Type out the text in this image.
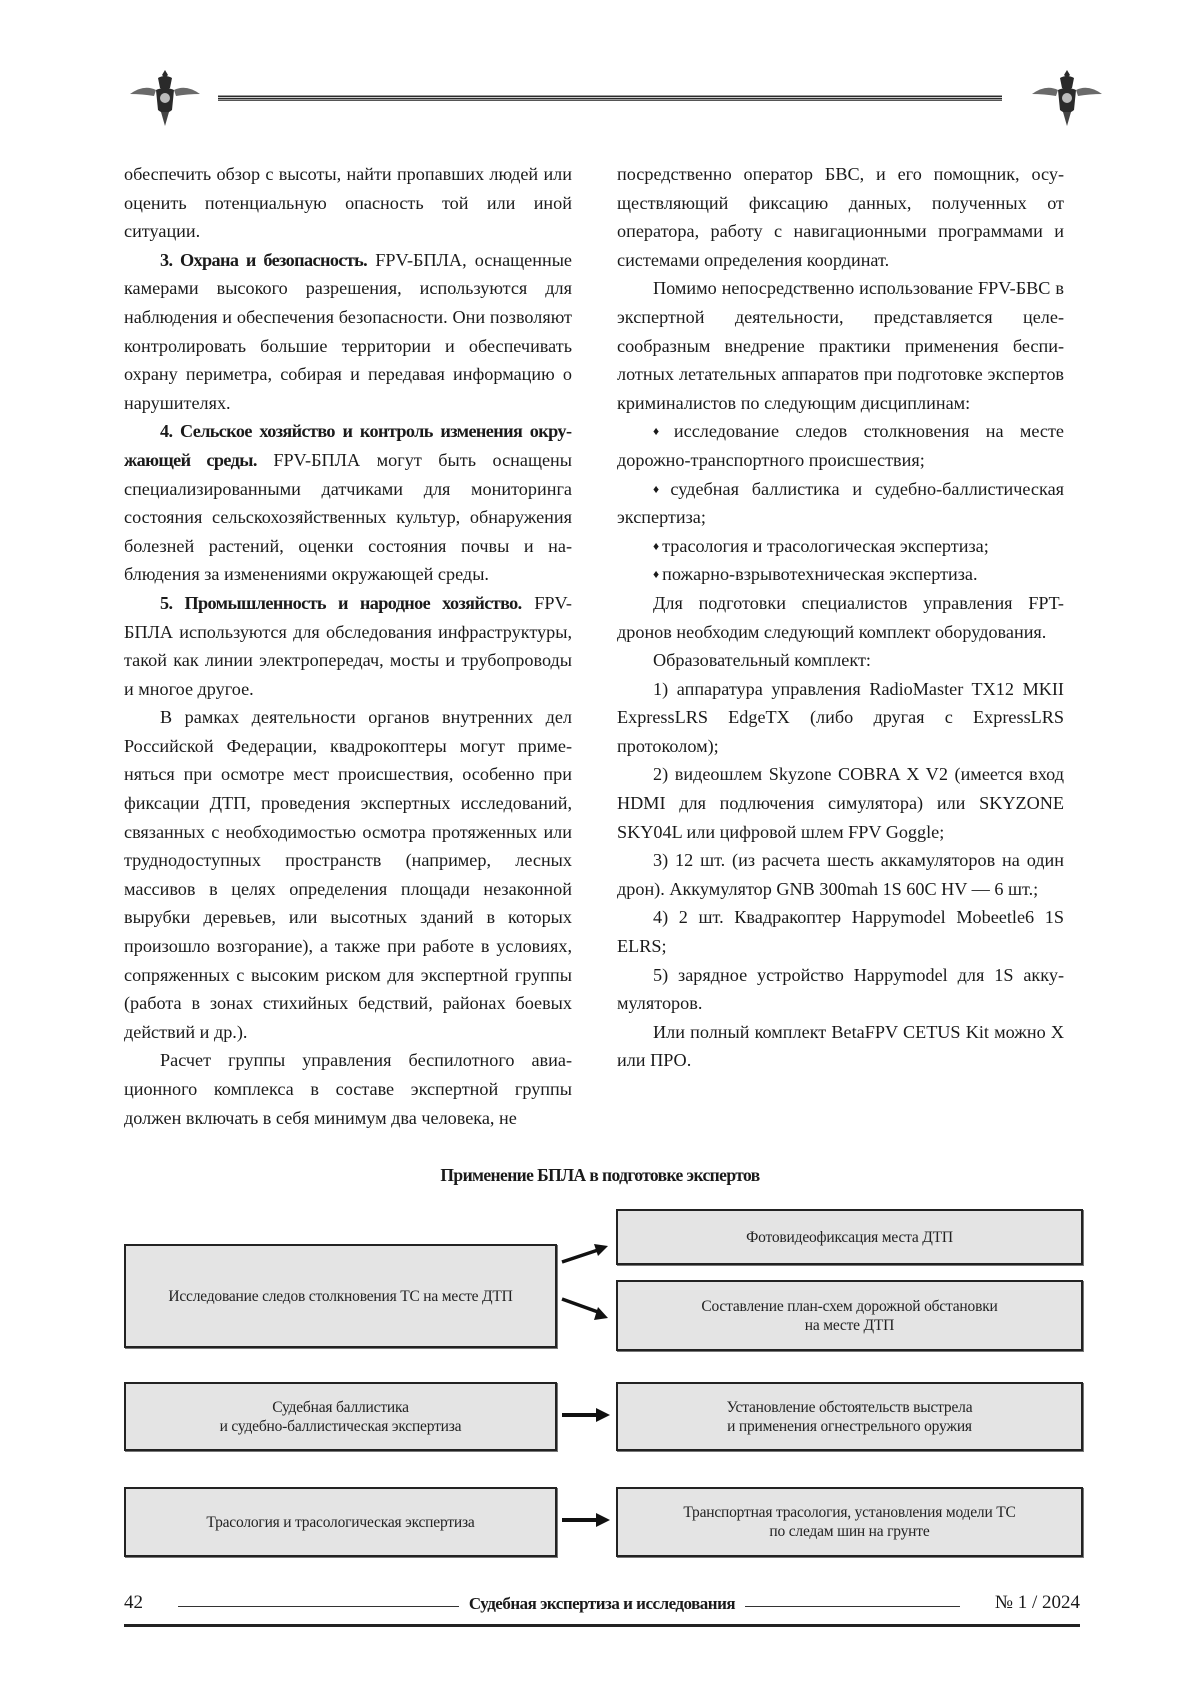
обеспечить обзор с высоты, найти пропавших людей или оценить потенциальную опасность той или иной ситуации.

3. Охрана и безопасность. FPV-БПЛА, оснащенные камерами высокого разрешения, используются для наблюдения и обеспечения безопасности. Они позволяют контролировать большие территории и обеспечивать охрану периметра, собирая и передавая информацию о нарушителях.

4. Сельское хозяйство и контроль изменения окружающей среды. FPV-БПЛА могут быть оснащены специализированными датчиками для мониторинга состояния сельскохозяйственных культур, обнаружения болезней растений, оценки состояния почвы и наблюдения за изменениями окружающей среды.

5. Промышленность и народное хозяйство. FPV-БПЛА используются для обследования инфраструктуры, такой как линии электропередач, мосты и трубопроводы и многое другое.

В рамках деятельности органов внутренних дел Российской Федерации, квадрокоптеры могут применяться при осмотре мест происшествия, особенно при фиксации ДТП, проведения экспертных исследований, связанных с необходимостью осмотра протяженных или труднодоступных пространств (например, лесных массивов в целях определения площади незаконной вырубки деревьев, или высотных зданий в которых произошло возгорание), а также при работе в условиях, сопряженных с высоким риском для экспертной группы (работа в зонах стихийных бедствий, районах боевых действий и др.).

Расчет группы управления беспилотного авиационного комплекса в составе экспертной группы должен включать в себя минимум два человека, не

посредственно оператор БВС, и его помощник, осуществляющий фиксацию данных, полученных от оператора, работу с навигационными программами и системами определения координат.

Помимо непосредственно использование FPV-БВС в экспертной деятельности, представляется целесообразным внедрение практики применения беспилотных летательных аппаратов при подготовке экспертов криминалистов по следующим дисциплинам:

♦ исследование следов столкновения на месте дорожно-транспортного происшествия;

♦ судебная баллистика и судебно-баллистическая экспертиза;

♦ трасология и трасологическая экспертиза;

♦ пожарно-взрывотехническая экспертиза.

Для подготовки специалистов управления FPT-дронов необходим следующий комплект оборудования.

Образовательный комплект:

1) аппаратура управления RadioMaster TX12 MKII ExpressLRS EdgeTX (либо другая с ExpressLRS протоколом);

2) видеошлем Skyzone COBRA X V2 (имеется вход HDMI для подлючения симулятора) или SKYZONE SKY04L или цифровой шлем FPV Goggle;

3) 12 шт. (из расчета шесть аккамуляторов на один дрон). Аккумулятор GNB 300mah 1S 60C HV — 6 шт.;

4) 2 шт. Квадракоптер Happymodel Mobeetle6 1S ELRS;

5) зарядное устройство Happymodel для 1S аккумуляторов.

Или полный комплект BetaFPV CETUS Kit можно X или ПРО.

Применение БПЛА в подготовке экспертов
Исследование следов столкновения ТС на месте ДТП
Фотовидеофиксация места ДТП
Составление план-схем дорожной обстановки
на месте ДТП
Судебная баллистика
и судебно-баллистическая экспертиза
Установление обстоятельств выстрела
и применения огнестрельного оружия
Трасология и трасологическая экспертиза
Транспортная трасология, установления модели ТС
по следам шин на грунте
42	Судебная экспертиза и исследования	№ 1 / 2024
